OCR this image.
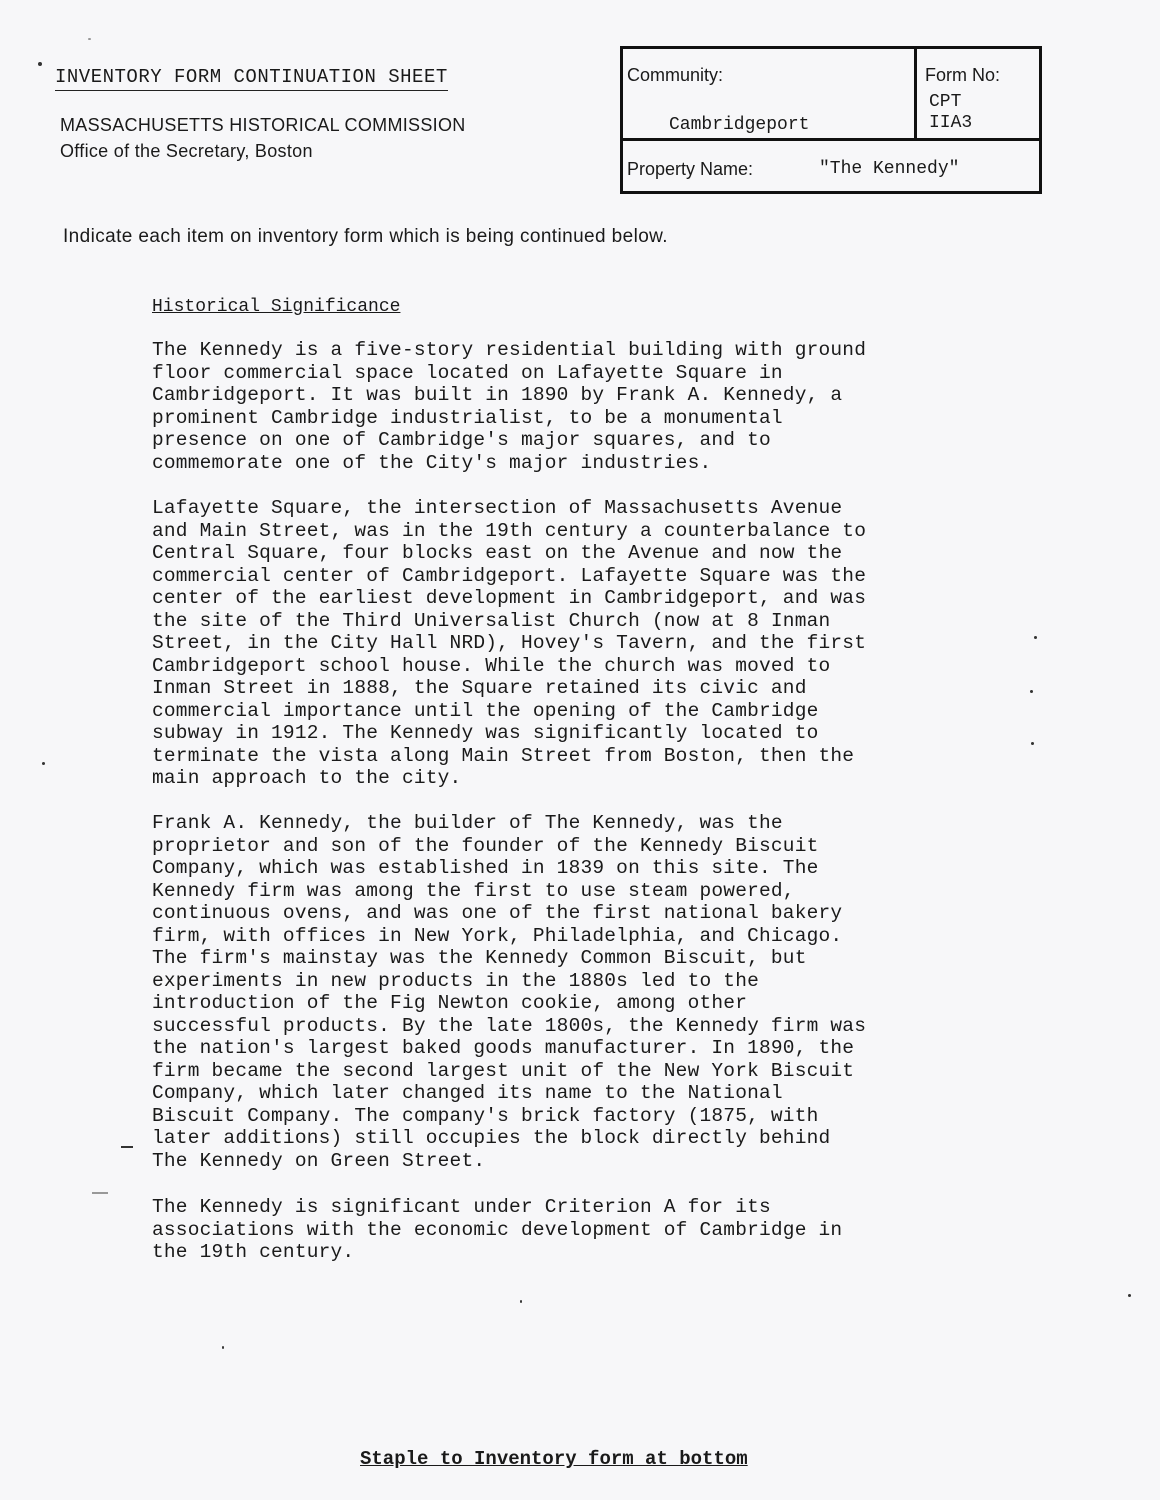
INVENTORY FORM CONTINUATION SHEET
MASSACHUSETTS HISTORICAL COMMISSION
Office of the Secretary, Boston
Community:
Cambridgeport
Form No:
CPT
IIA3
Property Name:	"The Kennedy"
Indicate each item on inventory form which is being continued below.
Historical Significance
The Kennedy is a five-story residential building with ground
floor commercial space located on Lafayette Square in
Cambridgeport. It was built in 1890 by Frank A. Kennedy, a
prominent Cambridge industrialist, to be a monumental
presence on one of Cambridge's major squares, and to
commemorate one of the City's major industries.
Lafayette Square, the intersection of Massachusetts Avenue
and Main Street, was in the 19th century a counterbalance to
Central Square, four blocks east on the Avenue and now the
commercial center of Cambridgeport. Lafayette Square was the
center of the earliest development in Cambridgeport, and was
the site of the Third Universalist Church (now at 8 Inman
Street, in the City Hall NRD), Hovey's Tavern, and the first
Cambridgeport school house. While the church was moved to
Inman Street in 1888, the Square retained its civic and
commercial importance until the opening of the Cambridge
subway in 1912. The Kennedy was significantly located to
terminate the vista along Main Street from Boston, then the
main approach to the city.
Frank A. Kennedy, the builder of The Kennedy, was the
proprietor and son of the founder of the Kennedy Biscuit
Company, which was established in 1839 on this site. The
Kennedy firm was among the first to use steam powered,
continuous ovens, and was one of the first national bakery
firm, with offices in New York, Philadelphia, and Chicago.
The firm's mainstay was the Kennedy Common Biscuit, but
experiments in new products in the 1880s led to the
introduction of the Fig Newton cookie, among other
successful products. By the late 1800s, the Kennedy firm was
the nation's largest baked goods manufacturer. In 1890, the
firm became the second largest unit of the New York Biscuit
Company, which later changed its name to the National
Biscuit Company. The company's brick factory (1875, with
later additions) still occupies the block directly behind
The Kennedy on Green Street.
The Kennedy is significant under Criterion A for its
associations with the economic development of Cambridge in
the 19th century.
Staple to Inventory form at bottom
